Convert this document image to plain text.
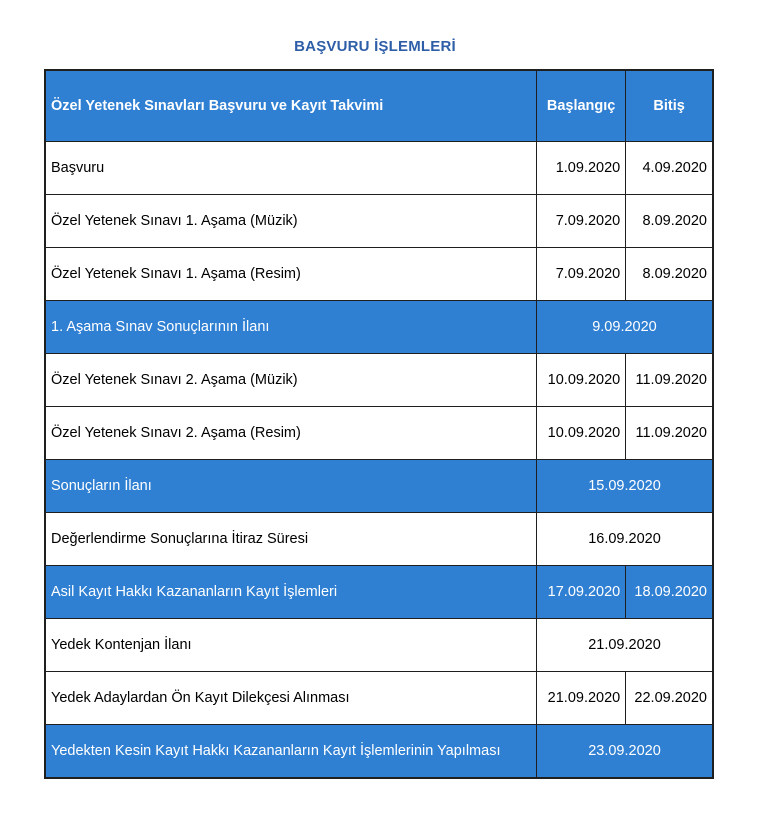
BAŞVURU İŞLEMLERİ
Özel Yetenek Sınavları Başvuru ve Kayıt Takvimi	Başlangıç	Bitiş
Başvuru	1.09.2020	4.09.2020
Özel Yetenek Sınavı 1. Aşama (Müzik)	7.09.2020	8.09.2020
Özel Yetenek Sınavı 1. Aşama (Resim)	7.09.2020	8.09.2020
1. Aşama Sınav Sonuçlarının İlanı	9.09.2020	
Özel Yetenek Sınavı 2. Aşama (Müzik)	10.09.2020	11.09.2020
Özel Yetenek Sınavı 2. Aşama (Resim)	10.09.2020	11.09.2020
Sonuçların İlanı	15.09.2020	
Değerlendirme Sonuçlarına İtiraz Süresi	16.09.2020	
Asil Kayıt Hakkı Kazananların Kayıt İşlemleri	17.09.2020	18.09.2020
Yedek Kontenjan İlanı	21.09.2020	
Yedek Adaylardan Ön Kayıt Dilekçesi Alınması	21.09.2020	22.09.2020
Yedekten Kesin Kayıt Hakkı Kazananların Kayıt İşlemlerinin Yapılması	23.09.2020	
